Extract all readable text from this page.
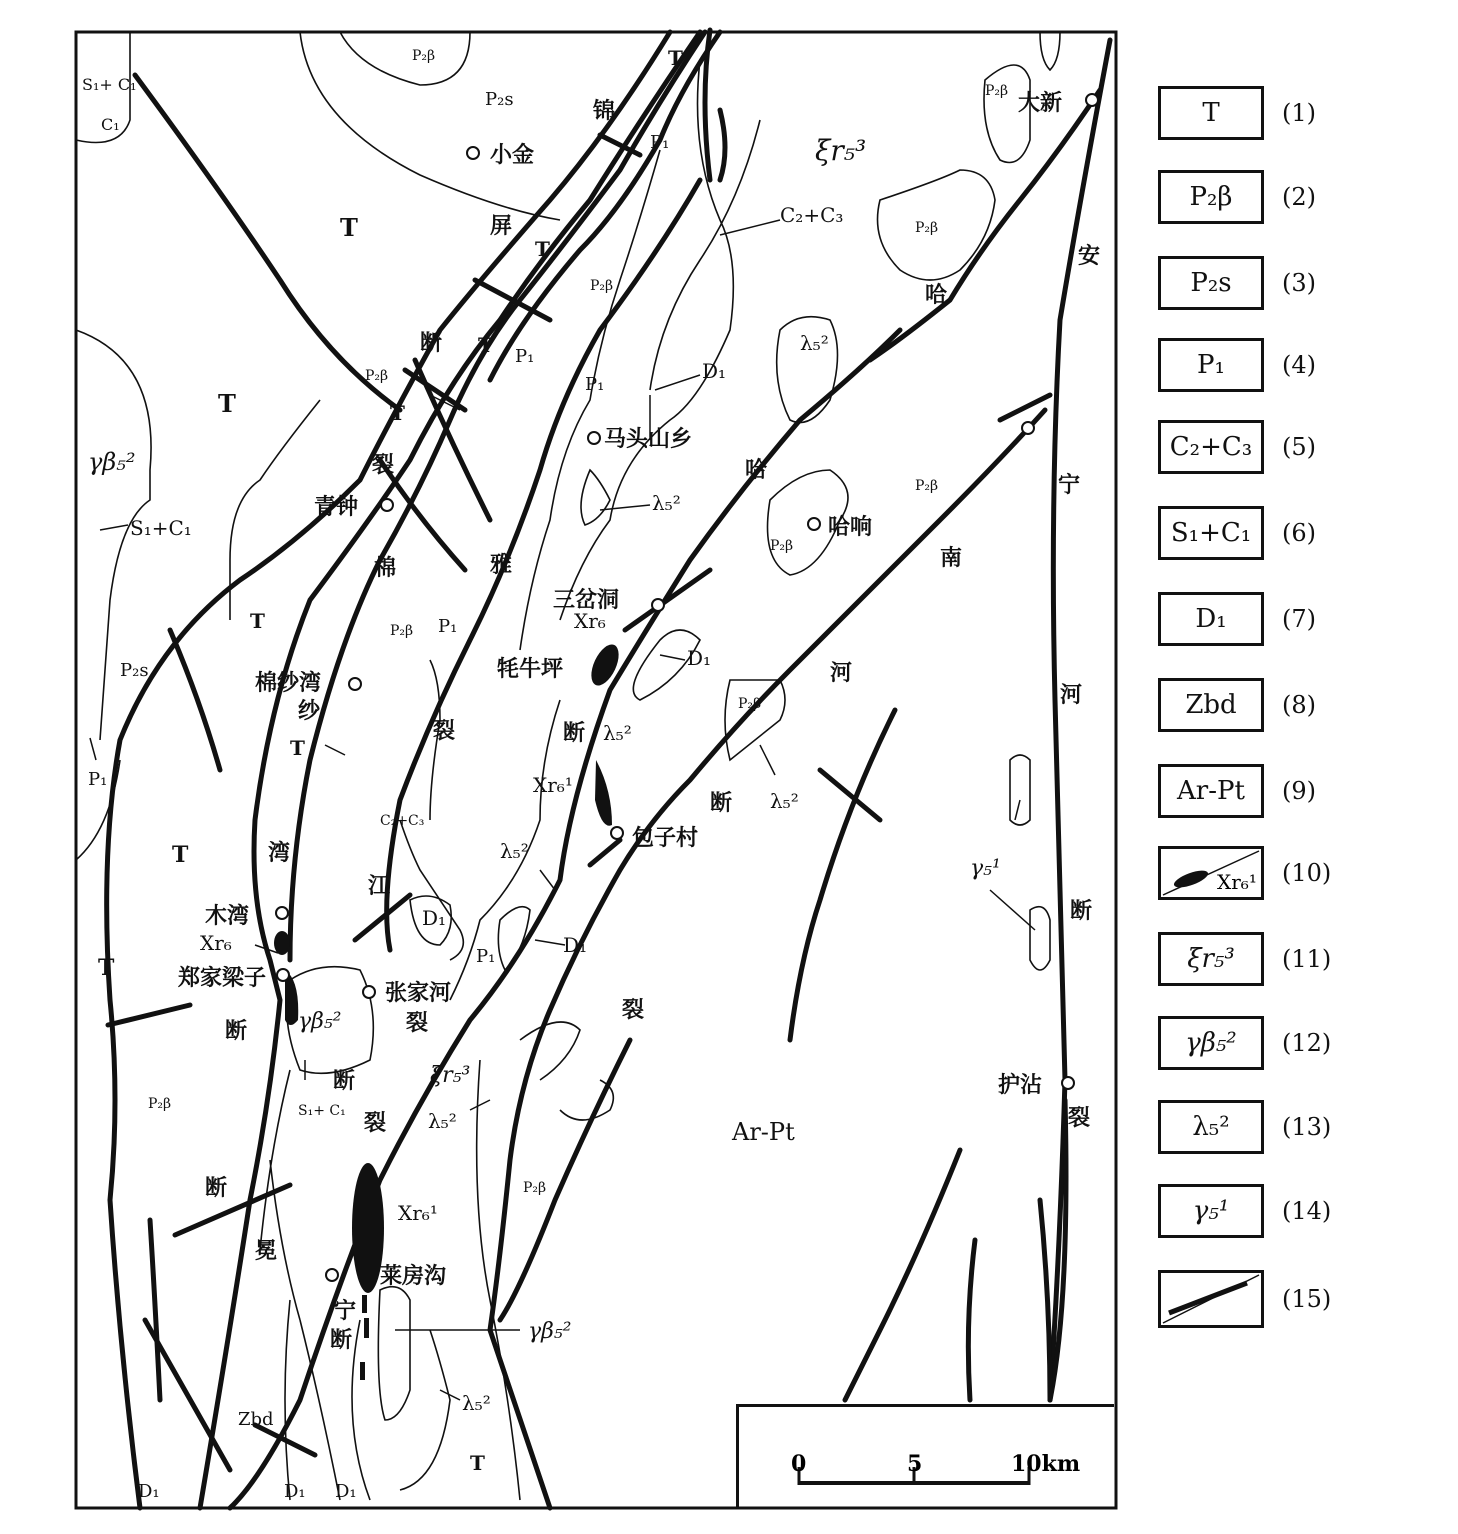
小金
大新
马头山乡
青钟
三岔洞
哈响
棉纱湾
牦牛坪
包子村
木湾
郑家梁子
张家河
护沾
莱房沟
锦
屏
断
裂
棉	雅
纱
湾
江
哈
哈
河
安
宁
河
断
裂
南
断
裂
断
裂
断	裂
断
断
冕
宁
断
裂
T
T
T
T
T
T
T
T
T
T
T
P₂β
P₂β
P₂β
P₂β
P₂β
P₂β
P₂β
P₂β
P₂β
P₂β
P₂β
P₂s
P₂s
P₁
P₁
P₁
P₁
P₁
P₁
C₂+C₃
C₁
S₁+ C₁
S₁+C₁
C₂+C₃
S₁+ C₁
D₁
D₁
D₁
D₁
D₁	D₁ D₁
Zbd
Ar-Pt
ξr₅³
ξr₅³
γβ₅²
γβ₅²
γβ₅²
λ₅²
λ₅²
λ₅²
λ₅²
λ₅²
λ₅²
λ₅²
γ₅¹
Xr₆
Xr₆¹
Xr₆
Xr₆¹
0	5	10km
T	(1)
P₂β (2)
P₂s (3)
P₁ (4)
C₂+C₃ (5)
S₁+C₁ (6)
D₁ (7)
Zbd (8)
Ar-Pt (9)
Xr₆¹ (10)
ξr₅³ (11)
γβ₅² (12)
λ₅² (13)
γ₅¹ (14)
(15)
